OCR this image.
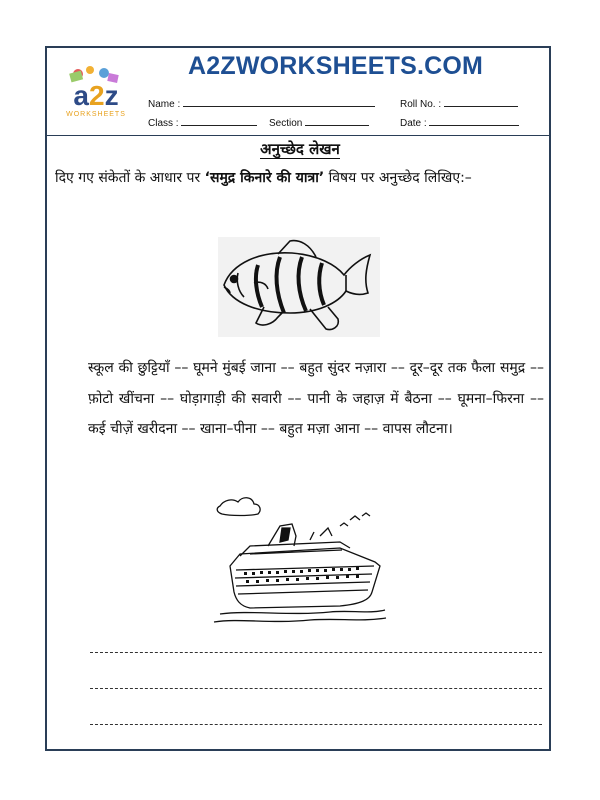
a2z
WORKSHEETS
A2ZWORKSHEETS.COM
Name :	Roll No. :
Class :	Section	Date :
अनुच्छेद लेखन
दिए गए संकेतों के आधार पर ‘समुद्र किनारे की यात्रा’ विषय पर अनुच्छेद लिखिए:–
स्कूल की छुट्टियाँ –– घूमने मुंबई जाना –– बहुत सुंदर नज़ारा –– दूर–दूर तक फैला समुद्र –– फ़ोटो खींचना –– घोड़ागाड़ी की सवारी –– पानी के जहाज़ में बैठना –– घूमना–फिरना –– कई चीज़ें खरीदना –– खाना–पीना –– बहुत मज़ा आना –– वापस लौटना।
